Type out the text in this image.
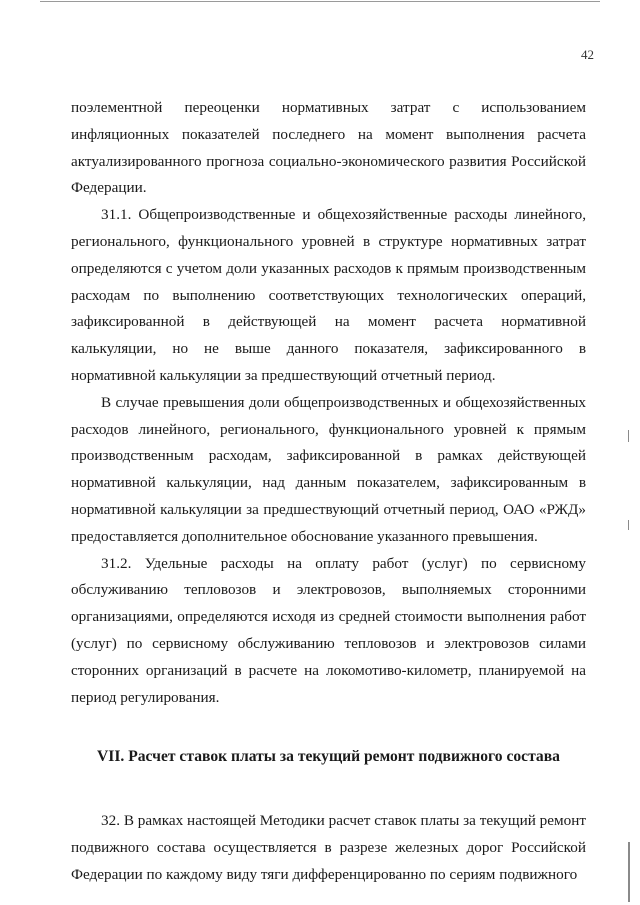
42

поэлементной переоценки нормативных затрат с использованием инфляционных показателей последнего на момент выполнения расчета актуализированного прогноза социально-экономического развития Российской Федерации.

31.1. Общепроизводственные и общехозяйственные расходы линейного, регионального, функционального уровней в структуре нормативных затрат определяются с учетом доли указанных расходов к прямым производственным расходам по выполнению соответствующих технологических операций, зафиксированной в действующей на момент расчета нормативной калькуляции, но не выше данного показателя, зафиксированного в нормативной калькуляции за предшествующий отчетный период.

В случае превышения доли общепроизводственных и общехозяйственных расходов линейного, регионального, функционального уровней к прямым производственным расходам, зафиксированной в рамках действующей нормативной калькуляции, над данным показателем, зафиксированным в нормативной калькуляции за предшествующий отчетный период, ОАО «РЖД» предоставляется дополнительное обоснование указанного превышения.

31.2. Удельные расходы на оплату работ (услуг) по сервисному обслуживанию тепловозов и электровозов, выполняемых сторонними организациями, определяются исходя из средней стоимости выполнения работ (услуг) по сервисному обслуживанию тепловозов и электровозов силами сторонних организаций в расчете на локомотиво-километр, планируемой на период регулирования.

VII. Расчет ставок платы за текущий ремонт подвижного состава

32. В рамках настоящей Методики расчет ставок платы за текущий ремонт подвижного состава осуществляется в разрезе железных дорог Российской Федерации по каждому виду тяги дифференцированно по сериям подвижного
